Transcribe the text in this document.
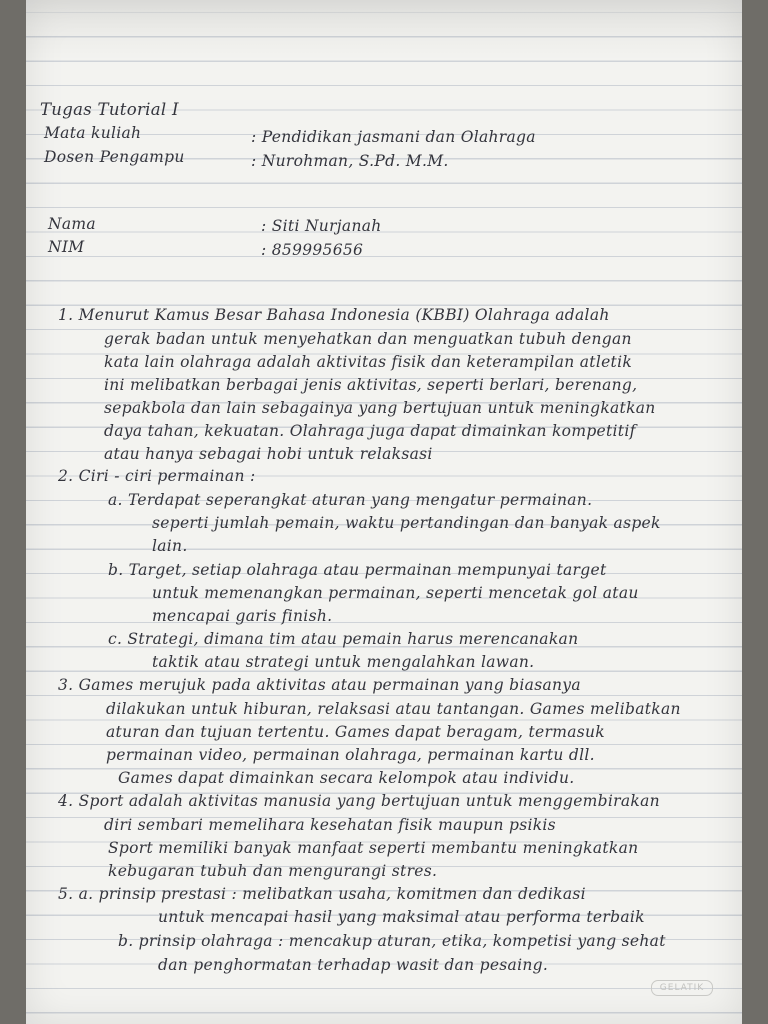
Tugas Tutorial I
Mata kuliah	: Pendidikan jasmani dan Olahraga
Dosen Pengampu	: Nurohman, S.Pd. M.M.
Nama	: Siti Nurjanah
NIM	: 859995656
1. Menurut Kamus Besar Bahasa Indonesia (KBBI) Olahraga adalah
gerak badan untuk menyehatkan dan menguatkan tubuh dengan
kata lain olahraga adalah aktivitas fisik dan keterampilan atletik
ini melibatkan berbagai jenis aktivitas, seperti berlari, berenang,
sepakbola dan lain sebagainya yang bertujuan untuk meningkatkan
daya tahan, kekuatan. Olahraga juga dapat dimainkan kompetitif
atau hanya sebagai hobi untuk relaksasi
2. Ciri - ciri permainan :
a. Terdapat seperangkat aturan yang mengatur permainan.
seperti jumlah pemain, waktu pertandingan dan banyak aspek
lain.
b. Target, setiap olahraga atau permainan mempunyai target
untuk memenangkan permainan, seperti mencetak gol atau
mencapai garis finish.
c. Strategi, dimana tim atau pemain harus merencanakan
taktik atau strategi untuk mengalahkan lawan.
3. Games merujuk pada aktivitas atau permainan yang biasanya
dilakukan untuk hiburan, relaksasi atau tantangan. Games melibatkan
aturan dan tujuan tertentu. Games dapat beragam, termasuk
permainan video, permainan olahraga, permainan kartu dll.
Games dapat dimainkan secara kelompok atau individu.
4. Sport adalah aktivitas manusia yang bertujuan untuk menggembirakan
diri sembari memelihara kesehatan fisik maupun psikis
Sport memiliki banyak manfaat seperti membantu meningkatkan
kebugaran tubuh dan mengurangi stres.
5. a. prinsip prestasi : melibatkan usaha, komitmen dan dedikasi
untuk mencapai hasil yang maksimal atau performa terbaik
b. prinsip olahraga : mencakup aturan, etika, kompetisi yang sehat
dan penghormatan terhadap wasit dan pesaing.
GELATIK
